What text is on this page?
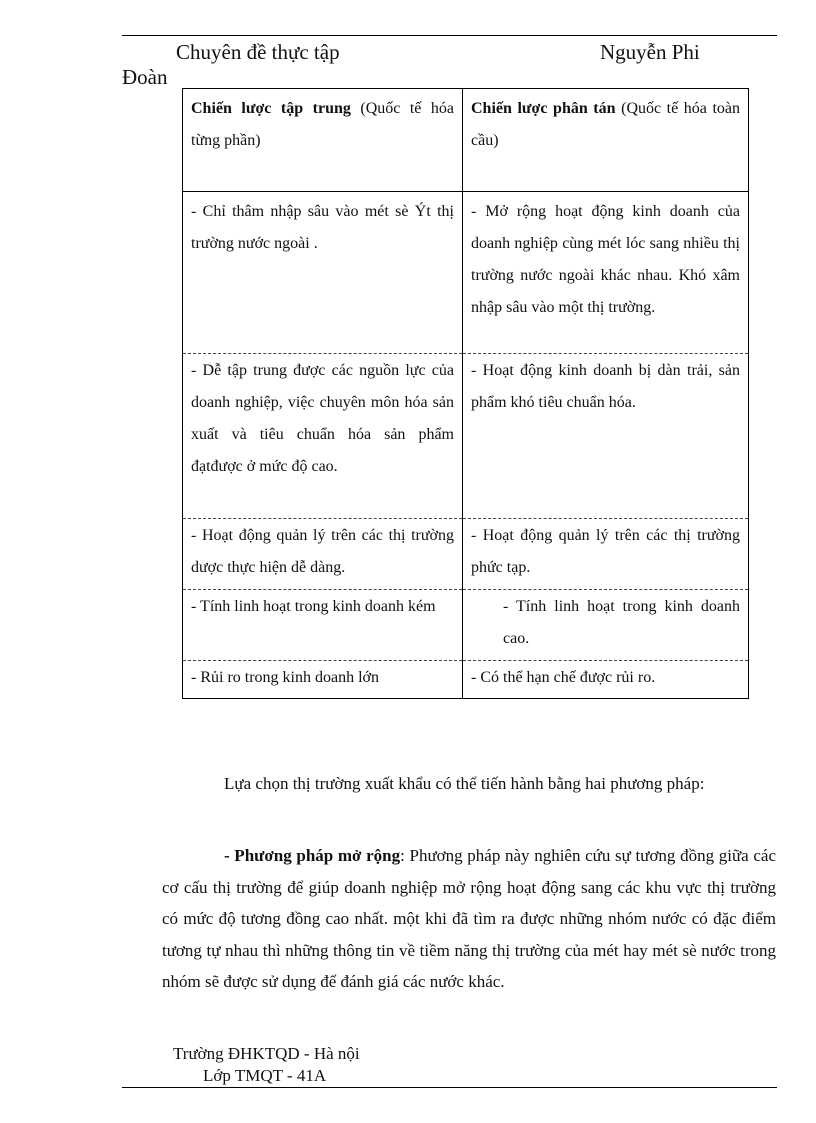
Chuyên đề thực tập	Nguyễn Phi
Đoàn
Chiến lược tập trung (Quốc tế hóa từng phần)	Chiến lược phân tán (Quốc tế hóa toàn cầu)
- Chỉ thâm nhập sâu vào mét sè Ýt thị trường nước ngoài .	- Mở rộng hoạt động kinh doanh của doanh nghiệp cùng mét lóc sang nhiều thị trường nước ngoài khác nhau. Khó xâm nhập sâu vào một thị trường.
- Dễ tập trung được các nguồn lực của doanh nghiệp, việc chuyên môn hóa sản xuất và tiêu chuẩn hóa sản phẩm đạtđược ở mức độ cao.	- Hoạt động kinh doanh bị dàn trải, sản phẩm khó tiêu chuẩn hóa.
- Hoạt động quản lý trên các thị trường dược thực hiện dễ dàng.	- Hoạt động quản lý trên các thị trường phức tạp.
- Tính linh hoạt trong kinh doanh kém	- Tính linh hoạt trong kinh doanh cao.
- Rủi ro trong kinh doanh lớn	- Có thể hạn chế được rủi ro.

Lựa chọn thị trường xuất khẩu có thể tiến hành bằng hai phương pháp:

- Phương pháp mở rộng: Phương pháp này nghiên cứu sự tương đồng giữa các cơ cấu thị trường để giúp doanh nghiệp mở rộng hoạt động sang các khu vực thị trường có mức độ tương đồng cao nhất. một khi đã tìm ra được những nhóm nước có đặc điểm tương tự nhau thì những thông tin về tiềm năng thị trường của mét hay mét sè nước trong nhóm sẽ được sử dụng để đánh giá các nước khác.

Trường ĐHKTQD - Hà nội
Lớp TMQT - 41A
